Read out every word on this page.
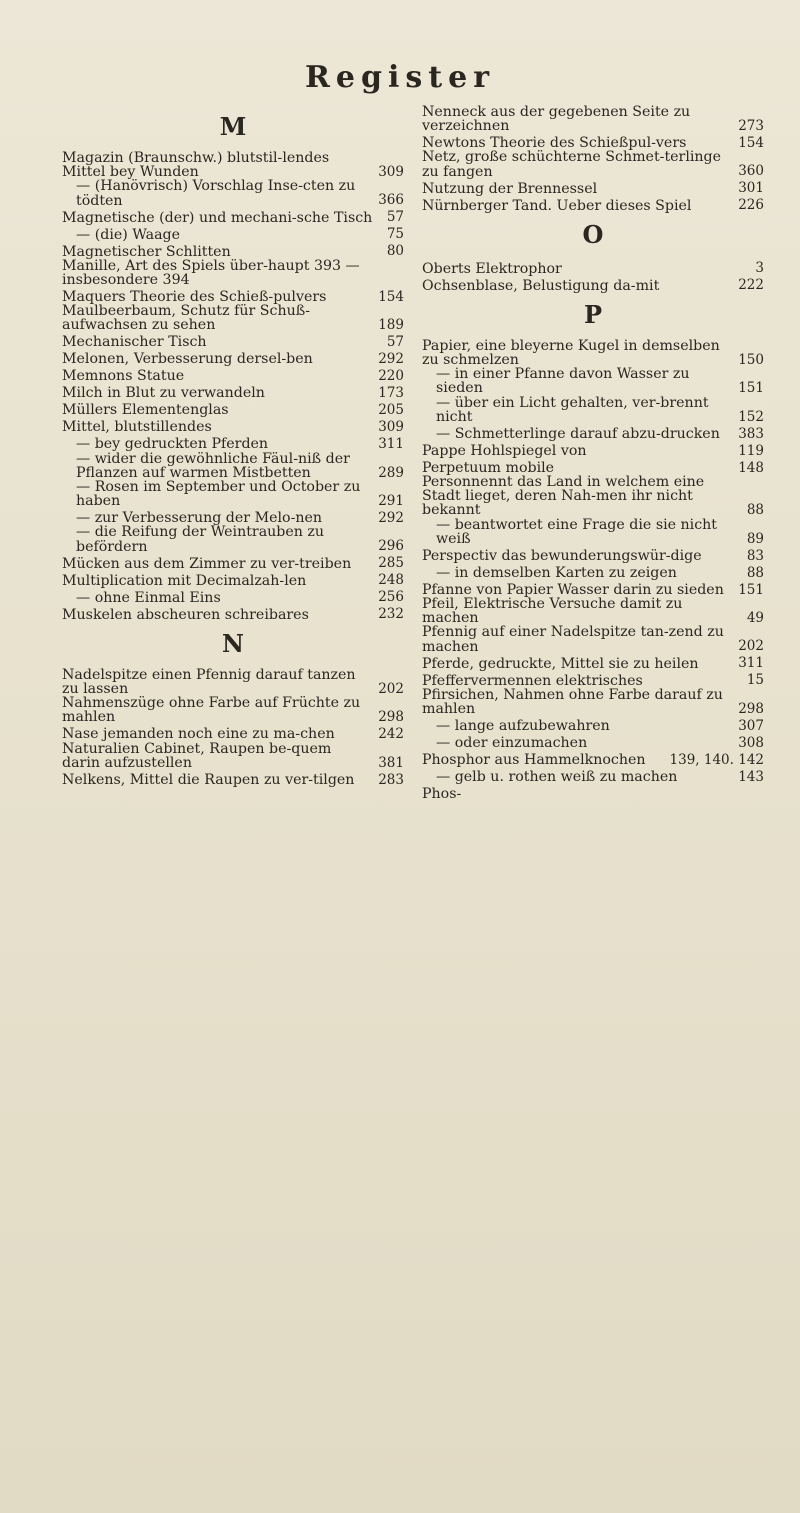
Register
M
Magazin (Braunschw.) blutstil-lendes Mittel bey Wunden	309
— (Hanövrisch) Vorschlag Inse-cten zu tödten	366
Magnetische (der) und mechani-sche Tisch	57
— (die) Waage	75
Magnetischer Schlitten	80
Manille, Art des Spiels über-haupt 393 — insbesondere 394
Maquers Theorie des Schieß-pulvers	154
Maulbeerbaum, Schutz für Schuß-aufwachsen zu sehen	189
Mechanischer Tisch	57
Melonen, Verbesserung dersel-ben	292
Memnons Statue	220
Milch in Blut zu verwandeln	173
Müllers Elementenglas	205
Mittel, blutstillendes	309
— bey gedruckten Pferden	311
— wider die gewöhnliche Fäul-niß der Pflanzen auf warmen Mistbetten	289
— Rosen im September und October zu haben	291
— zur Verbesserung der Melo-nen	292
— die Reifung der Weintrauben zu befördern	296
Mücken aus dem Zimmer zu ver-treiben	285
Multiplication mit Decimalzah-len	248
— ohne Einmal Eins	256
Muskelen abscheuren schreibares	232
N
Nadelspitze einen Pfennig darauf tanzen zu lassen	202
Nahmenszüge ohne Farbe auf Früchte zu mahlen	298
Nase jemanden noch eine zu ma-chen	242
Naturalien Cabinet, Raupen be-quem darin aufzustellen	381
Nelkens, Mittel die Raupen zu ver-tilgen	283
Nenneck aus der gegebenen Seite zu verzeichnen	273
Newtons Theorie des Schießpul-vers	154
Netz, große schüchterne Schmet-terlinge zu fangen	360
Nutzung der Brennessel	301
Nürnberger Tand. Ueber dieses Spiel	226
O
Oberts Elektrophor	3
Ochsenblase, Belustigung da-mit	222
P
Papier, eine bleyerne Kugel in demselben zu schmelzen	150
— in einer Pfanne davon Wasser zu sieden	151
— über ein Licht gehalten, ver-brennt nicht	152
— Schmetterlinge darauf abzu-drucken	383
Pappe Hohlspiegel von	119
Perpetuum mobile	148
Personnennt das Land in welchem eine Stadt lieget, deren Nah-men ihr nicht bekannt	88
— beantwortet eine Frage die sie nicht weiß	89
Perspectiv das bewunderungswür-dige	83
— in demselben Karten zu zeigen	88
Pfanne von Papier Wasser darin zu sieden	151
Pfeil, Elektrische Versuche damit zu machen	49
Pfennig auf einer Nadelspitze tan-zend zu machen	202
Pferde, gedruckte, Mittel sie zu heilen	311
Pfeffervermennen elektrisches	15
Pfirsichen, Nahmen ohne Farbe darauf zu mahlen	298
— lange aufzubewahren	307
— oder einzumachen	308
Phosphor aus Hammelknochen	139, 140. 142
— gelb u. rothen weiß zu machen	143
Phos-
